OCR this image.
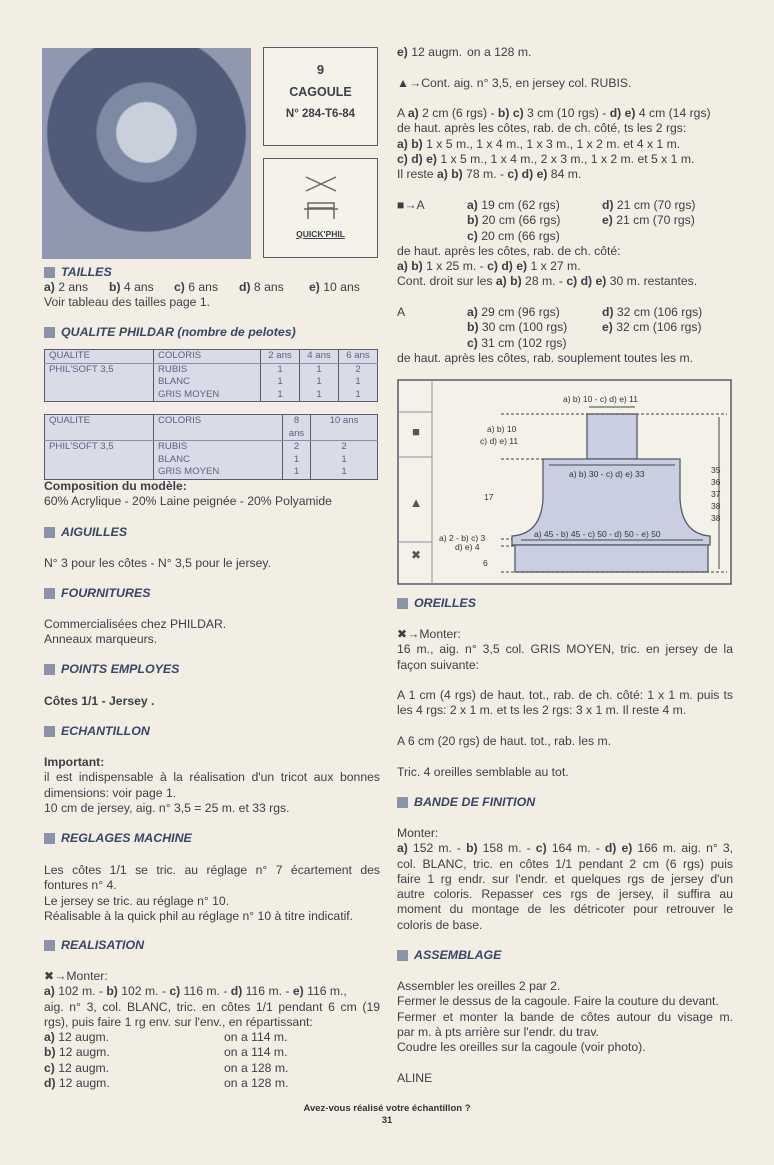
9
CAGOULE
N° 284-T6-84
QUICK'PHIL
TAILLES
a) 2 ans b) 4 ans c) 6 ans d) 8 ans e) 10 ans
Voir tableau des tailles page 1.
QUALITE PHILDAR (nombre de pelotes)
QUALITE	COLORIS	2 ans	4 ans	6 ans
PHIL'SOFT 3,5	RUBIS	1	1	2
	BLANC	1	1	1
	GRIS MOYEN	1	1	1
QUALITE	COLORIS	8 ans	10 ans
PHIL'SOFT 3,5	RUBIS	2	2
	BLANC	1	1
	GRIS MOYEN	1	1
Composition du modèle:
60% Acrylique - 20% Laine peignée - 20% Polyamide
AIGUILLES
N° 3 pour les côtes - N° 3,5 pour le jersey.
FOURNITURES
Commercialisées chez PHILDAR.
Anneaux marqueurs.
POINTS EMPLOYES
Côtes 1/1 - Jersey .
ECHANTILLON
Important:
il est indispensable à la réalisation d'un tricot aux bonnes
dimensions: voir page 1.
10 cm de jersey, aig. n° 3,5 = 25 m. et 33 rgs.
REGLAGES MACHINE
Les côtes 1/1 se tric. au réglage n° 7 écartement des
fontures n° 4.
Le jersey se tric. au réglage n° 10.
Réalisable à la quick phil au réglage n° 10 à titre indicatif.
REALISATION
✖→Monter:
a) 102 m. - b) 102 m. - c) 116 m. - d) 116 m. - e) 116 m.,
aig. n° 3, col. BLANC, tric. en côtes 1/1 pendant 6 cm (19
rgs), puis faire 1 rg env. sur l'env., en répartissant:
a) 12 augm.	on a 114 m.
b) 12 augm.	on a 114 m.
c) 12 augm.	on a 128 m.
d) 12 augm.	on a 128 m.
e) 12 augm. on a 128 m.
▲→Cont. aig. n° 3,5, en jersey col. RUBIS.
A a) 2 cm (6 rgs) - b) c) 3 cm (10 rgs) - d) e) 4 cm (14 rgs)
de haut. après les côtes, rab. de ch. côté, ts les 2 rgs:
a) b) 1 x 5 m., 1 x 4 m., 1 x 3 m., 1 x 2 m. et 4 x 1 m.
c) d) e) 1 x 5 m., 1 x 4 m., 2 x 3 m., 1 x 2 m. et 5 x 1 m.
Il reste a) b) 78 m. - c) d) e) 84 m.
■→A	a) 19 cm (62 rgs)	d) 21 cm (70 rgs)
b) 20 cm (66 rgs)	e) 21 cm (70 rgs)
c) 20 cm (66 rgs)
de haut. après les côtes, rab. de ch. côté:
a) b) 1 x 25 m. - c) d) e) 1 x 27 m.
Cont. droit sur les a) b) 28 m. - c) d) e) 30 m. restantes.
A	a) 29 cm (96 rgs)	d) 32 cm (106 rgs)
b) 30 cm (100 rgs)	e) 32 cm (106 rgs)
c) 31 cm (102 rgs)
de haut. après les côtes, rab. souplement toutes les m.
■
▲
✖
a) b) 10 - c) d) e) 11
a) b) 10
c) d) e) 11
a) b) 30 - c) d) e) 33
17
a) 45 - b) 45 - c) 50 - d) 50 - e) 50
a) 2 - b) c) 3
d) e) 4
6
35
36
37
38
38
OREILLES
✖→Monter:
16 m., aig. n° 3,5 col. GRIS MOYEN, tric. en jersey de la
façon suivante:
A 1 cm (4 rgs) de haut. tot., rab. de ch. côté: 1 x 1 m. puis ts
les 4 rgs: 2 x 1 m. et ts les 2 rgs: 3 x 1 m. Il reste 4 m.
A 6 cm (20 rgs) de haut. tot., rab. les m.
Tric. 4 oreilles semblable au tot.
BANDE DE FINITION
Monter:
a) 152 m. - b) 158 m. - c) 164 m. - d) e) 166 m. aig. n° 3,
col. BLANC, tric. en côtes 1/1 pendant 2 cm (6 rgs) puis
faire 1 rg endr. sur l'endr. et quelques rgs de jersey d'un
autre coloris. Repasser ces rgs de jersey, il suffira au
moment du montage de les détricoter pour retrouver le
coloris de base.
ASSEMBLAGE
Assembler les oreilles 2 par 2.
Fermer le dessus de la cagoule. Faire la couture du devant.
Fermer et monter la bande de côtes autour du visage m.
par m. à pts arrière sur l'endr. du trav.
Coudre les oreilles sur la cagoule (voir photo).
ALINE
Avez-vous réalisé votre échantillon ?
31
